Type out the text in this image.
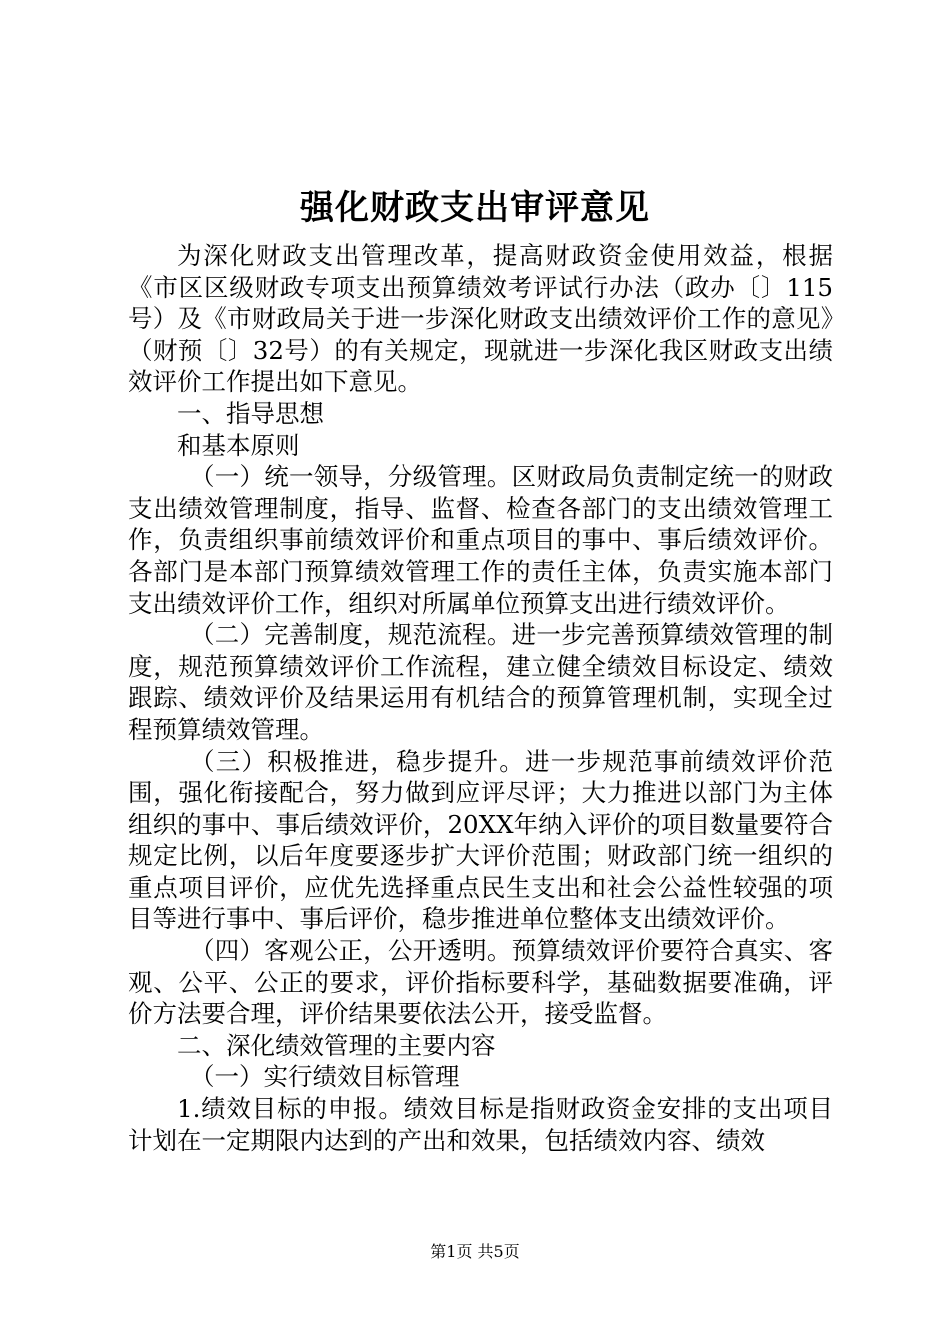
强化财政支出审评意见

为深化财政支出管理改革，提高财政资金使用效益，根据《市区区级财政专项支出预算绩效考评试行办法（政办〔〕115号）及《市财政局关于进一步深化财政支出绩效评价工作的意见》（财预〔〕32号）的有关规定，现就进一步深化我区财政支出绩效评价工作提出如下意见。

一、指导思想

和基本原则

（一）统一领导，分级管理。区财政局负责制定统一的财政支出绩效管理制度，指导、监督、检查各部门的支出绩效管理工作，负责组织事前绩效评价和重点项目的事中、事后绩效评价。各部门是本部门预算绩效管理工作的责任主体，负责实施本部门支出绩效评价工作，组织对所属单位预算支出进行绩效评价。

（二）完善制度，规范流程。进一步完善预算绩效管理的制度，规范预算绩效评价工作流程，建立健全绩效目标设定、绩效跟踪、绩效评价及结果运用有机结合的预算管理机制，实现全过程预算绩效管理。

（三）积极推进，稳步提升。进一步规范事前绩效评价范围，强化衔接配合，努力做到应评尽评；大力推进以部门为主体组织的事中、事后绩效评价，20XX年纳入评价的项目数量要符合规定比例，以后年度要逐步扩大评价范围；财政部门统一组织的重点项目评价，应优先选择重点民生支出和社会公益性较强的项目等进行事中、事后评价，稳步推进单位整体支出绩效评价。

（四）客观公正，公开透明。预算绩效评价要符合真实、客观、公平、公正的要求，评价指标要科学，基础数据要准确，评价方法要合理，评价结果要依法公开，接受监督。

二、深化绩效管理的主要内容

（一）实行绩效目标管理

1.绩效目标的申报。绩效目标是指财政资金安排的支出项目计划在一定期限内达到的产出和效果，包括绩效内容、绩效

第1页 共5页
